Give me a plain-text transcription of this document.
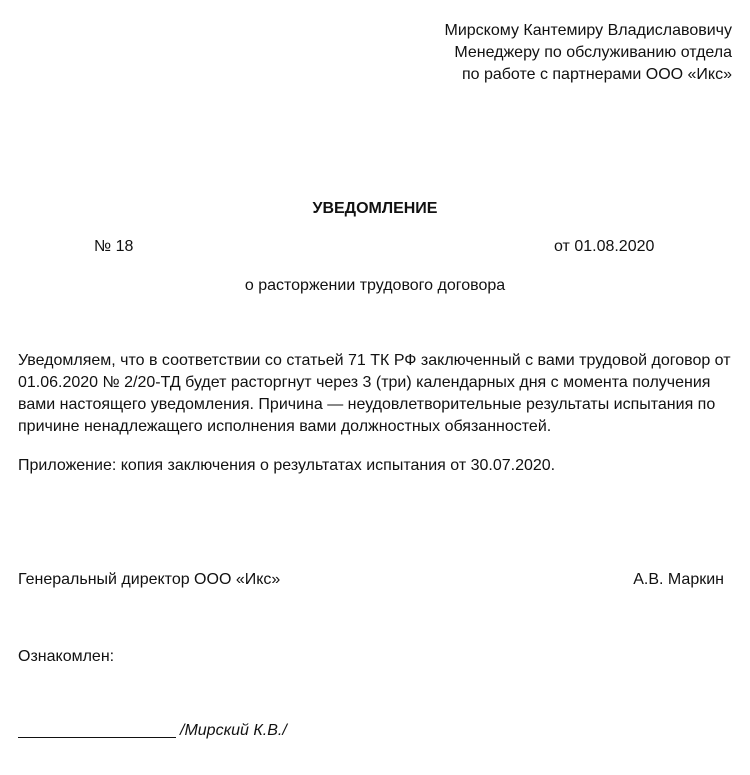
Мирскому Кантемиру Владиславовичу
Менеджеру по обслуживанию отдела
по работе с партнерами ООО «Икс»
УВЕДОМЛЕНИЕ
№ 18	от 01.08.2020
о расторжении трудового договора
Уведомляем, что в соответствии со статьей 71 ТК РФ заключенный с вами трудовой договор от
01.06.2020 № 2/20-ТД будет расторгнут через 3 (три) календарных дня с момента получения
вами настоящего уведомления. Причина — неудовлетворительные результаты испытания по
причине ненадлежащего исполнения вами должностных обязанностей.
Приложение: копия заключения о результатах испытания от 30.07.2020.
Генеральный директор ООО «Икс»	А.В. Маркин
Ознакомлен:
/Мирский К.В./
